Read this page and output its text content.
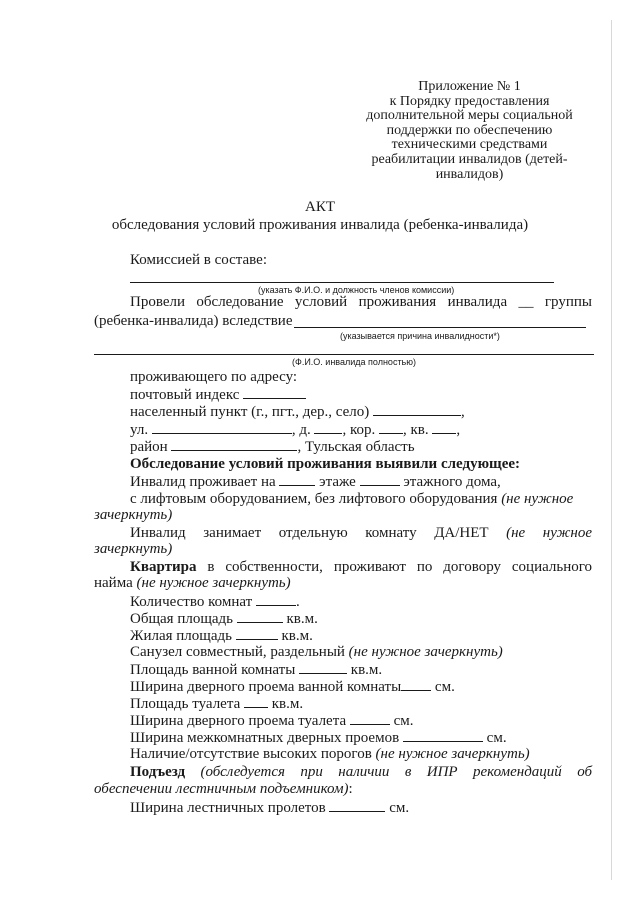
Приложение № 1
к Порядку предоставления
дополнительной меры социальной
поддержки по обеспечению
техническими средствами
реабилитации инвалидов (детей-
инвалидов)
АКТ
обследования условий проживания инвалида (ребенка-инвалида)
Комиссией в составе:
(указать Ф.И.О. и должность членов комиссии)
Провели обследование условий проживания инвалида __ группы
(ребенка-инвалида) вследствие
(указывается причина инвалидности*)
(Ф.И.О. инвалида полностью)
проживающего по адресу:
почтовый индекс
населенный пункт (г., пгт., дер., село)	,
ул.	, д. , кор. , кв. ,
район	, Тульская область
Обследование условий проживания выявили следующее:
Инвалид проживает на	этаже	этажного дома,
с лифтовым оборудованием, без лифтового оборудования (не нужное
зачеркнуть)
Инвалид занимает отдельную комнату ДА/НЕТ (не нужное
зачеркнуть)
Квартира в собственности, проживают по договору социального
найма (не нужное зачеркнуть)
Количество комнат	.
Общая площадь	кв.м.
Жилая площадь	кв.м.
Санузел совместный, раздельный (не нужное зачеркнуть)
Площадь ванной комнаты	кв.м.
Ширина дверного проема ванной комнаты см.
Площадь туалета кв.м.
Ширина дверного проема туалета	см.
Ширина межкомнатных дверных проемов	см.
Наличие/отсутствие высоких порогов (не нужное зачеркнуть)
Подъезд (обследуется при наличии в ИПР рекомендаций об
обеспечении лестничным подъемником):
Ширина лестничных пролетов	см.
